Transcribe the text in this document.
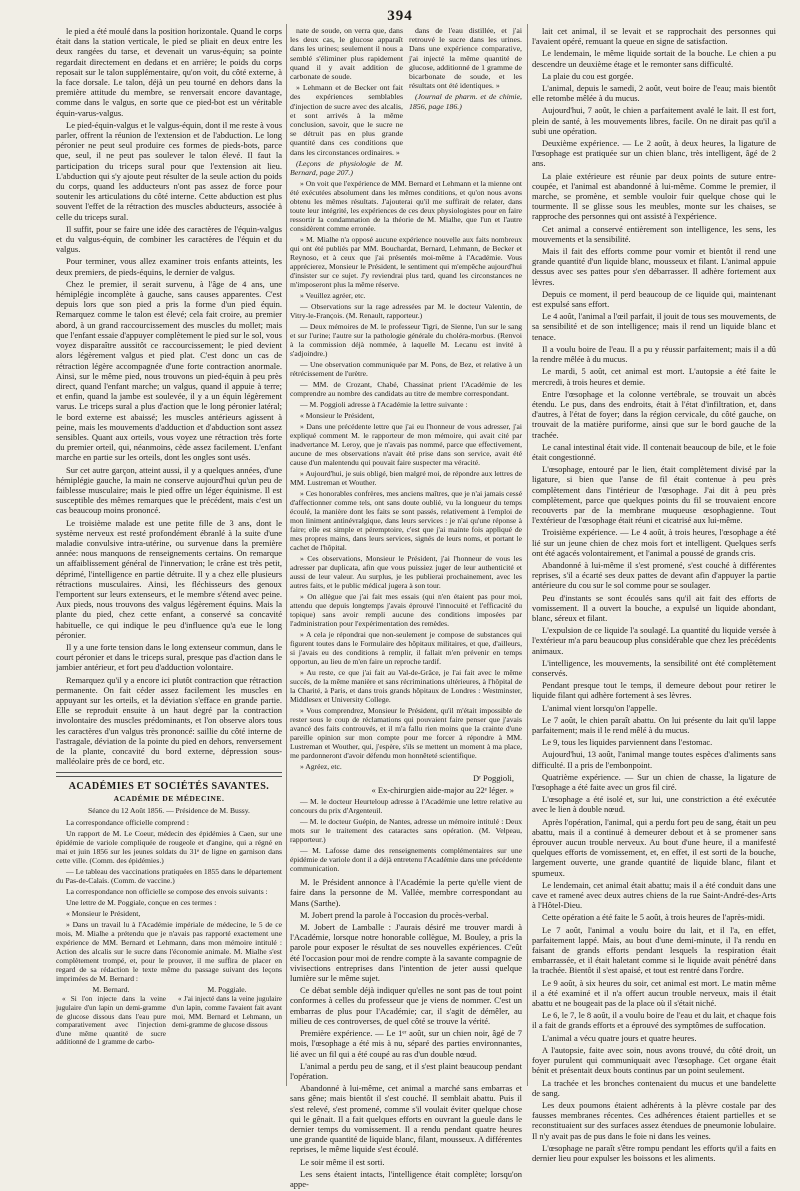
394

le pied a été moulé dans la position horizontale. Quand le corps était dans la station verticale, le pied se pliait en deux entre les deux rangées du tarse, et devenait un varus-équin; sa pointe regardait directement en dedans et en arrière; le poids du corps reposait sur le talon supplémentaire, qu'on voit, du côté externe, à la face dorsale. Le talon, déjà un peu tourné en dehors dans la première attitude du membre, se renversait encore davantage, comme dans le valgus, en sorte que ce pied-bot est un véritable équin-varus-valgus.

Le pied-équin-valgus et le valgus-équin, dont il me reste à vous parler, offrent la réunion de l'extension et de l'abduction. Le long péronier ne peut seul produire ces formes de pieds-bots, parce que, seul, il ne peut pas soulever le talon élevé. Il faut la participation du triceps sural pour que l'extension ait lieu. L'abduction qui s'y ajoute peut résulter de la seule action du poids du corps, quand les adducteurs n'ont pas assez de force pour soutenir les articulations du côté interne. Cette abduction est plus souvent l'effet de la rétraction des muscles abducteurs, associée à celle du triceps sural.

Il suffit, pour se faire une idée des caractères de l'équin-valgus et du valgus-équin, de combiner les caractères de l'équin et du valgus.

Pour terminer, vous allez examiner trois enfants atteints, les deux premiers, de pieds-équins, le dernier de valgus.

Chez le premier, il serait survenu, à l'âge de 4 ans, une hémiplégie incomplète à gauche, sans causes apparentes. C'est depuis lors que son pied a pris la forme d'un pied équin. Remarquez comme le talon est élevé; cela fait croire, au premier abord, à un grand raccourcissement des muscles du mollet; mais que l'enfant essaie d'appuyer complètement le pied sur le sol, vous voyez disparaître aussitôt ce raccourcissement; le pied devient alors légèrement valgus et pied plat. C'est donc un cas de rétraction légère accompagnée d'une forte contraction anormale. Ainsi, sur le même pied, nous trouvons un pied-équin à peu près direct, quand l'enfant marche; un valgus, quand il appuie à terre; et enfin, quand la jambe est soulevée, il y a un équin légèrement varus. Le triceps sural a plus d'action que le long péronier latéral; le bord externe est abaissé; les muscles antérieurs agissent à peine, mais les mouvements d'adduction et d'abduction sont assez sensibles. Quant aux orteils, vous voyez une rétraction très forte du premier orteil, qui, néanmoins, cède assez facilement. L'enfant marche en partie sur les orteils, dont les ongles sont usés.

Sur cet autre garçon, atteint aussi, il y a quelques années, d'une hémiplégie gauche, la main ne conserve aujourd'hui qu'un peu de faiblesse musculaire; mais le pied offre un léger équinisme. Il est susceptible des mêmes remarques que le précédent, mais c'est un cas beaucoup moins prononcé.

Le troisième malade est une petite fille de 3 ans, dont le système nerveux est resté profondément ébranlé à la suite d'une maladie convulsive intra-utérine, ou survenue dans la première année: nous manquons de renseignements certains. On remarque un affaiblissement général de l'innervation; le crâne est très petit, déprimé, l'intelligence en partie détruite. Il y a chez elle plusieurs rétractions musculaires. Ainsi, les fléchisseurs des genoux l'emportent sur leurs extenseurs, et le membre s'étend avec peine. Aux pieds, nous trouvons des valgus légèrement équins. Mais la plante du pied, chez cette enfant, a conservé sa concavité habituelle, ce qui indique le peu d'influence qu'a eue le long péronier.

Il y a une forte tension dans le long extenseur commun, dans le court péronier et dans le triceps sural, presque pas d'action dans le jambier antérieur, et fort peu d'adduction volontaire.

Remarquez qu'il y a encore ici plutôt contraction que rétraction permanente. On fait céder assez facilement les muscles en appuyant sur les orteils, et la déviation s'efface en grande partie. Elle se reproduit ensuite à un haut degré par la contraction involontaire des muscles prédominants, et l'on observe alors tous les caractères d'un valgus très prononcé: saillie du côté interne de l'astragale, déviation de la pointe du pied en dehors, renversement de la plante, concavité du bord externe, dépression sous-malléolaire près de ce bord, etc.

ACADÉMIES ET SOCIÉTÉS SAVANTES.
ACADÉMIE DE MÉDECINE.
Séance du 12 Août 1856. — Présidence de M. Bussy.

La correspondance officielle comprend :

Un rapport de M. Le Coeur, médecin des épidémies à Caen, sur une épidémie de variole compliquée de rougeole et d'angine, qui a régné en mai et juin 1856 sur les jeunes soldats du 31ᵉ de ligne en garnison dans cette ville. (Comm. des épidémies.)

— Le tableau des vaccinations pratiquées en 1855 dans le département du Pas-de-Calais. (Comm. de vaccine.)

La correspondance non officielle se compose des envois suivants :

Une lettre de M. Poggiale, conçue en ces termes :

« Monsieur le Président,

» Dans un travail lu à l'Académie impériale de médecine, le 5 de ce mois, M. Mialhe a prétendu que je n'avais pas rapporté exactement une expérience de MM. Bernard et Lehmann, dans mon mémoire intitulé : Action des alcalis sur le sucre dans l'économie animale. M. Mialhe s'est complètement trompé, et, pour le prouver, il me suffira de placer en regard de sa rédaction le texte même du passage suivant des leçons imprimées de M. Bernard :

M. Bernard.

« Si l'on injecte dans la veine jugulaire d'un lapin un demi-gramme de glucose dissous dans l'eau pure comparativement avec l'injection d'une même quantité de sucre additionné de 1 gramme de carbo-

M. Poggiale.

« J'ai injecté dans la veine jugulaire d'un lapin, comme l'avaient fait avant moi, MM. Bernard et Lehmann, un demi-gramme de glucose dissous

nate de soude, on verra que, dans les deux cas, le glucose apparaît dans les urines; seulement il nous a semblé s'éliminer plus rapidement quand il y avait addition de carbonate de soude.

» Lehmann et de Becker ont fait des expériences semblables d'injection de sucre avec des alcalis, et sont arrivés à la même conclusion, savoir, que le sucre ne se détruit pas en plus grande quantité dans ces conditions que dans les circonstances ordinaires. »

(Leçons de physiologie de M. Bernard, page 207.)

dans de l'eau distillée, et j'ai retrouvé le sucre dans les urines. Dans une expérience comparative, j'ai injecté la même quantité de glucose, additionné de 1 gramme de bicarbonate de soude, et les résultats ont été identiques. »

(Journal de pharm. et de chimie, 1856, page 186.)

» On voit que l'expérience de MM. Bernard et Lehmann et la mienne ont été exécutées absolument dans les mêmes conditions, et qu'on nous avons obtenu les mêmes résultats. J'ajouterai qu'il me suffirait de relater, dans toute leur intégrité, les expériences de ces deux physiologistes pour en faire ressortir la condamnation de la théorie de M. Mialhe, que l'un et l'autre considèrent comme erronée.

» M. Mialhe n'a opposé aucune expérience nouvelle aux faits nombreux qui ont été publiés par MM. Bouchardat, Bernard, Lehmann, de Becker et Reynoso, et à ceux que j'ai présentés moi-même à l'Académie. Vous apprécierez, Monsieur le Président, le sentiment qui m'empêche aujourd'hui d'insister sur ce sujet. J'y reviendrai plus tard, quand les circonstances ne m'imposeront plus la même réserve.

» Veuillez agréer, etc.

— Observations sur la rage adressées par M. le docteur Valentin, de Vitry-le-François. (M. Renault, rapporteur.)

— Deux mémoires de M. le professeur Tigri, de Sienne, l'un sur le sang et sur l'urine; l'autre sur la pathologie générale du choléra-morbus. (Renvoi à la commission déjà nommée, à laquelle M. Lecanu est invité à s'adjoindre.)

— Une observation communiquée par M. Pons, de Bez, et relative à un rétrécissement de l'urètre.

— MM. de Crozant, Chabé, Chassinat prient l'Académie de les comprendre au nombre des candidats au titre de membre correspondant.

— M. Poggioli adresse à l'Académie la lettre suivante :

« Monsieur le Président,

» Dans une précédente lettre que j'ai eu l'honneur de vous adresser, j'ai expliqué comment M. le rapporteur de mon mémoire, qui avait cité par inadvertance M. Leroy, que je n'avais pas nommé, parce que effectivement, aucune de mes observations n'avait été prise dans son service, avait été cause d'un malentendu qui pouvait faire suspecter ma véracité.

» Aujourd'hui, je suis obligé, bien malgré moi, de répondre aux lettres de MM. Lustreman et Wouther.

» Ces honorables confrères, mes anciens maîtres, que je n'ai jamais cessé d'affectionner comme tels, ont sans doute oublié, vu la longueur du temps écoulé, la manière dont les faits se sont passés, relativement à l'emploi de mon liniment antinévralgique, dans leurs services : je n'ai qu'une réponse à faire; elle est simple et péremptoire, c'est que j'ai mainte fois appliqué de mes propres mains, dans leurs services, signés de leurs noms, et portant le cachet de l'hôpital.

» Ces observations, Monsieur le Président, j'ai l'honneur de vous les adresser par duplicata, afin que vous puissiez juger de leur authenticité et aussi de leur valeur. Au surplus, je les publierai prochainement, avec les autres faits, et le public médical jugera à son tour.

» On allègue que j'ai fait mes essais (qui n'en étaient pas pour moi, attendu que depuis longtemps j'avais éprouvé l'innocuité et l'efficacité du topique) sans avoir rempli aucune des conditions imposées par l'administration pour l'expérimentation des remèdes.

» A cela je répondrai que non-seulement je compose de substances qui figurent toutes dans le Formulaire des hôpitaux militaires, et que, d'ailleurs, si j'avais eu des conditions à remplir, il fallait m'en prévenir en temps opportun, au lieu de m'en faire un reproche tardif.

» Au reste, ce que j'ai fait au Val-de-Grâce, je l'ai fait avec le même succès, de la même manière et sans récriminations ultérieures, à l'hôpital de la Charité, à Paris, et dans trois grands hôpitaux de Londres : Westminster, Middlesex et University College.

» Vous comprendrez, Monsieur le Président, qu'il m'était impossible de rester sous le coup de réclamations qui pouvaient faire penser que j'avais avancé des faits controuvés, et il m'a fallu rien moins que la crainte d'une pareille opinion sur mon compte pour me forcer à répondre à MM. Lustreman et Wouther, qui, j'espère, s'ils se mettent un moment à ma place, me pardonneront d'avoir défendu mon honnêteté scientifique.

» Agréez, etc.

Dʳ Poggioli,
« Ex-chirurgien aide-major au 22ᵉ léger. »

— M. le docteur Heurteloup adresse à l'Académie une lettre relative au concours du prix d'Argenteuil.

— M. le docteur Guépin, de Nantes, adresse un mémoire intitulé : Deux mots sur le traitement des cataractes sans opération. (M. Velpeau, rapporteur.)

— M. Lafosse dame des renseignements complémentaires sur une épidémie de variole dont il a déjà entretenu l'Académie dans une précédente communication.

M. le Président annonce à l'Académie la perte qu'elle vient de faire dans la personne de M. Vallée, membre correspondant au Mans (Sarthe).

M. Jobert prend la parole à l'occasion du procès-verbal.

M. Jobert de Lamballe : J'aurais désiré me trouver mardi à l'Académie, lorsque notre honorable collègue, M. Bouley, a pris la parole pour exposer le résultat de ses nouvelles expériences. C'eût été l'occasion pour moi de rendre compte à la savante compagnie de vivisections entreprises dans l'intention de jeter aussi quelque lumière sur le même sujet.

Ce débat semble déjà indiquer qu'elles ne sont pas de tout point conformes à celles du professeur que je viens de nommer. C'est un embarras de plus pour l'Académie; car, il s'agit de démêler, au milieu de ces controverses, de quel côté se trouve la vérité.

Première expérience. — Le 1ᵉʳ août, sur un chien noir, âgé de 7 mois, l'œsophage a été mis à nu, séparé des parties environnantes, lié avec un fil qui a été coupé au ras d'un double nœud.

L'animal a perdu peu de sang, et il s'est plaint beaucoup pendant l'opération.

Abandonné à lui-même, cet animal a marché sans embarras et sans gêne; mais bientôt il s'est couché. Il semblait abattu. Puis il s'est relevé, s'est promené, comme s'il voulait éviter quelque chose qui le gênait. Il a fait quelques efforts en ouvrant la gueule dans le dernier temps du vomissement. Il a rendu pendant quatre heures une grande quantité de liquide blanc, filant, mousseux. A différentes reprises, le même liquide s'est écoulé.

Le soir même il est sorti.

Les sens étaient intacts, l'intelligence était complète; lorsqu'on appe-

lait cet animal, il se levait et se rapprochait des personnes qui l'avaient opéré, remuant la queue en signe de satisfaction.

Le lendemain, le même liquide sortait de la bouche. Le chien a pu descendre un deuxième étage et le remonter sans difficulté.

La plaie du cou est gorgée.

L'animal, depuis le samedi, 2 août, veut boire de l'eau; mais bientôt elle retombe mêlée à du mucus.

Aujourd'hui, 7 août, le chien a parfaitement avalé le lait. Il est fort, plein de santé, à les mouvements libres, facile. On ne dirait pas qu'il a subi une opération.

Deuxième expérience. — Le 2 août, à deux heures, la ligature de l'œsophage est pratiquée sur un chien blanc, très intelligent, âgé de 2 ans.

La plaie extérieure est réunie par deux points de suture entre-coupée, et l'animal est abandonné à lui-même. Comme le premier, il marche, se promène, et semble vouloir fuir quelque chose qui le tourmente. Il se glisse sous les meubles, monte sur les chaises, se rapproche des personnes qui ont assisté à l'expérience.

Cet animal a conservé entièrement son intelligence, les sens, les mouvements et la sensibilité.

Mais il fait des efforts comme pour vomir et bientôt il rend une grande quantité d'un liquide blanc, mousseux et filant. L'animal appuie dessus avec ses pattes pour s'en débarrasser. Il adhère fortement aux lèvres.

Depuis ce moment, il perd beaucoup de ce liquide qui, maintenant est expulsé sans effort.

Le 4 août, l'animal a l'œil parfait, il jouit de tous ses mouvements, de sa sensibilité et de son intelligence; mais il rend un liquide blanc et tenace.

Il a voulu boire de l'eau. Il a pu y réussir parfaitement; mais il a dû la rendre mêlée à du mucus.

Le mardi, 5 août, cet animal est mort. L'autopsie a été faite le mercredi, à trois heures et demie.

Entre l'œsophage et la colonne vertébrale, se trouvait un abcès étendu. Le pus, dans des endroits, était à l'état d'infiltration, et, dans d'autres, à l'état de foyer; dans la région cervicale, du côté gauche, on trouvait de la matière puriforme, ainsi que sur le bord gauche de la trachée.

Le canal intestinal était vide. Il contenait beaucoup de bile, et le foie était congestionné.

L'œsophage, entouré par le lien, était complètement divisé par la ligature, si bien que l'anse de fil était contenue à peu près complètement dans l'intérieur de l'œsophage. J'ai dit à peu près complètement, parce que quelques points du fil se trouvaient encore recouverts par de la membrane muqueuse œsophagienne. Tout l'extérieur de l'œsophage était réuni et cicatrisé aux lui-même.

Troisième expérience. — Le 4 août, à trois heures, l'œsophage a été lié sur un jeune chien de chez mois fort et intelligent. Quelques serfs ont été agacés volontairement, et l'animal a poussé de grands cris.

Abandonné à lui-même il s'est promené, s'est couché à différentes reprises, s'il a écarté ses deux pattes de devant afin d'appuyer la partie antérieure du cou sur le sol comme pour se soulager.

Peu d'instants se sont écoulés sans qu'il ait fait des efforts de vomissement. Il a ouvert la bouche, a expulsé un liquide abondant, blanc, séreux et filant.

L'expulsion de ce liquide l'a soulagé. La quantité du liquide versée à l'extérieur m'a paru beaucoup plus considérable que chez les précédents animaux.

L'intelligence, les mouvements, la sensibilité ont été complètement conservés.

Pendant presque tout le temps, il demeure debout pour retirer le liquide filant qui adhère fortement à ses lèvres.

L'animal vient lorsqu'on l'appelle.

Le 7 août, le chien paraît abattu. On lui présente du lait qu'il lappe parfaitement; mais il le rend mêlé à du mucus.

Le 9, tous les liquides parviennent dans l'estomac.

Aujourd'hui, 13 août, l'animal mange toutes espèces d'aliments sans difficulté. Il a pris de l'embonpoint.

Quatrième expérience. — Sur un chien de chasse, la ligature de l'œsophage a été faite avec un gros fil ciré.

L'œsophage a été isolé et, sur lui, une constriction a été exécutée avec le lien à double nœud.

Après l'opération, l'animal, qui a perdu fort peu de sang, était un peu abattu, mais il a continué à demeurer debout et à se promener sans éprouver aucun trouble nerveux. Au bout d'une heure, il a manifesté quelques efforts de vomissement, et, en effet, il est sorti de la bouche, largement ouverte, une grande quantité de liquide blanc, filant et spumeux.

Le lendemain, cet animal était abattu; mais il a été conduit dans une cave et ramené avec deux autres chiens de la rue Saint-André-des-Arts à l'Hôtel-Dieu.

Cette opération a été faite le 5 août, à trois heures de l'après-midi.

Le 7 août, l'animal a voulu boire du lait, et il l'a, en effet, parfaitement lappé. Mais, au bout d'une demi-minute, il l'a rendu en faisant de grands efforts pendant lesquels la respiration était embarrassée, et il était haletant comme si le liquide avait pénétré dans la trachée. Bientôt il s'est apaisé, et tout est rentré dans l'ordre.

Le 9 août, à six heures du soir, cet animal est mort. Le matin même il a été examiné et il n'a offert aucun trouble nerveux, mais il était abattu et ne bougeait pas de la place où il s'était niché.

Le 6, le 7, le 8 août, il a voulu boire de l'eau et du lait, et chaque fois il a fait de grands efforts et a éprouvé des symptômes de suffocation.

L'animal a vécu quatre jours et quatre heures.

A l'autopsie, faite avec soin, nous avons trouvé, du côté droit, un foyer purulent qui communiquait avec l'œsophage. Cet organe était bénit et présentait deux bouts continus par un point seulement.

La trachée et les bronches contenaient du mucus et une bandelette de sang.

Les deux poumons étaient adhérents à la plèvre costale par des fausses membranes récentes. Ces adhérences étaient partielles et se reconstituaient sur des surfaces assez étendues de pneumonie lobulaire. Il n'y avait pas de pus dans le foie ni dans les veines.

L'œsophage ne paraît s'être rompu pendant les efforts qu'il a faits en dernier lieu pour expulser les boissons et les aliments.
